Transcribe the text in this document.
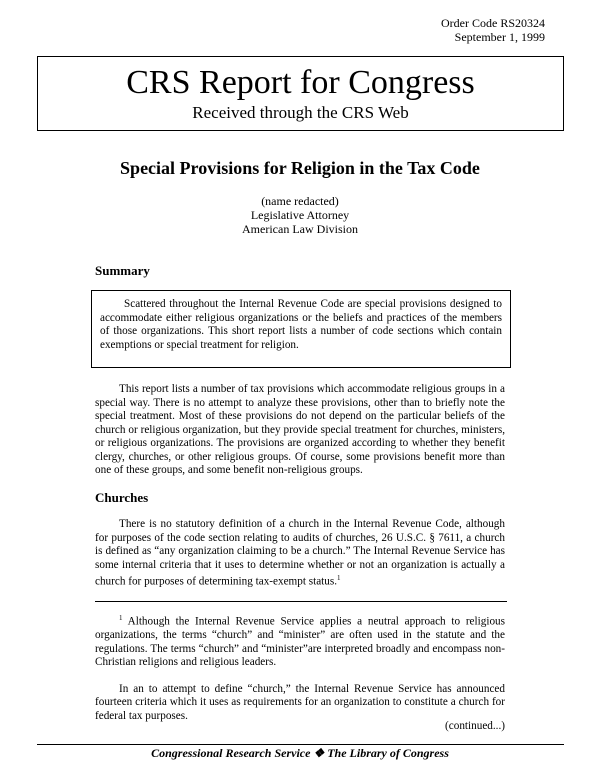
Order Code RS20324
September 1, 1999
CRS Report for Congress
Received through the CRS Web
Special Provisions for Religion in the Tax Code
(name redacted)
Legislative Attorney
American Law Division
Summary

Scattered throughout the Internal Revenue Code are special provisions designed to accommodate either religious organizations or the beliefs and practices of the members of those organizations. This short report lists a number of code sections which contain exemptions or special treatment for religion.

This report lists a number of tax provisions which accommodate religious groups in a special way. There is no attempt to analyze these provisions, other than to briefly note the special treatment. Most of these provisions do not depend on the particular beliefs of the church or religious organization, but they provide special treatment for churches, ministers, or religious organizations. The provisions are organized according to whether they benefit clergy, churches, or other religious groups. Of course, some provisions benefit more than one of these groups, and some benefit non-religious groups.

Churches

There is no statutory definition of a church in the Internal Revenue Code, although for purposes of the code section relating to audits of churches, 26 U.S.C. § 7611, a church is defined as “any organization claiming to be a church.” The Internal Revenue Service has some internal criteria that it uses to determine whether or not an organization is actually a church for purposes of determining tax-exempt status.$^1$

$^1$ Although the Internal Revenue Service applies a neutral approach to religious organizations, the terms “church” and “minister” are often used in the statute and the regulations. The terms “church” and “minister”are interpreted broadly and encompass non-Christian religions and religious leaders.

In an to attempt to define “church,” the Internal Revenue Service has announced fourteen criteria which it uses as requirements for an organization to constitute a church for federal tax purposes.

(continued...)
Congressional Research Service ❖ The Library of Congress
